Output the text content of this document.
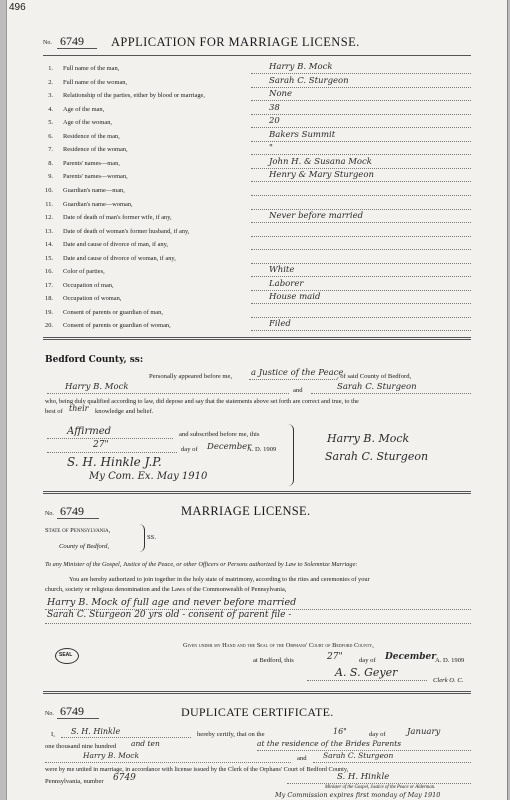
496
No. 6749 APPLICATION FOR MARRIAGE LICENSE.
1. Full name of the man,	Harry B. Mock
2. Full name of the woman,	Sarah C. Sturgeon
3. Relationship of the parties, either by blood or marriage,	None
4. Age of the man,	38
5. Age of the woman,	20
6. Residence of the man,	Bakers Summit
7. Residence of the woman,	"
8. Parents' names—man,	John H. & Susana Mock
9. Parents' names—woman,	Henry & Mary Sturgeon
10. Guardian's name—man,
11. Guardian's name—woman,
12. Date of death of man's former wife, if any,	Never before married
13. Date of death of woman's former husband, if any,
14. Date and cause of divorce of man, if any,
15. Date and cause of divorce of woman, if any,
16. Color of parties,	White
17. Occupation of man,	Laborer
18. Occupation of woman,	House maid
19. Consent of parents or guardian of man,
20. Consent of parents or guardian of woman,	Filed
Bedford County, ss:
Personally appeared before me, a Justice of the Peace
, of said County of Bedford,
Harry B. Mock	and	Sarah C. Sturgeon
who, being duly qualified according to law, did depose and say that the statements above set forth are correct and true, to the
best of their knowledge and belief.
Affirmed	and subscribed before me, this
27"	day of December
A. D. 1909
S. H. Hinkle J.P.
My Com. Ex. May 1910
Harry B. Mock
Sarah C. Sturgeon
No. 6749	MARRIAGE LICENSE.
State of Pennsylvania,
County of Bedford,
SS.
To any Minister of the Gospel, Justice of the Peace, or other Officers or Persons authorized by Law to Solemnize Marriage:
You are hereby authorized to join together in the holy state of matrimony, according to the rites and ceremonies of your
church, society or religious denomination and the Laws of the Commonwealth of Pennsylvania,
Harry B. Mock of full age and never before married
Sarah C. Sturgeon 20 yrs old - consent of parent file -
Given under my Hand and the Seal of the Orphans' Court of Bedford County,
SEAL
at Bedford, this	27" day of December
A. D. 1909
A. S. Geyer
Clerk O. C.
No. 6749	DUPLICATE CERTIFICATE.
I, S. H. Hinkle	hereby certify, that on the	16"	day of	January
one thousand nine hundred and ten	at the residence of the Brides Parents
Harry B. Mock	and Sarah C. Sturgeon
were by me united in marriage, in accordance with license issued by the Clerk of the Orphans' Court of Bedford County,
Pennsylvania, number 6749	S. H. Hinkle
Minister of the Gospel, Justice of the Peace or Alderman.
My Commission expires first monday of May 1910
